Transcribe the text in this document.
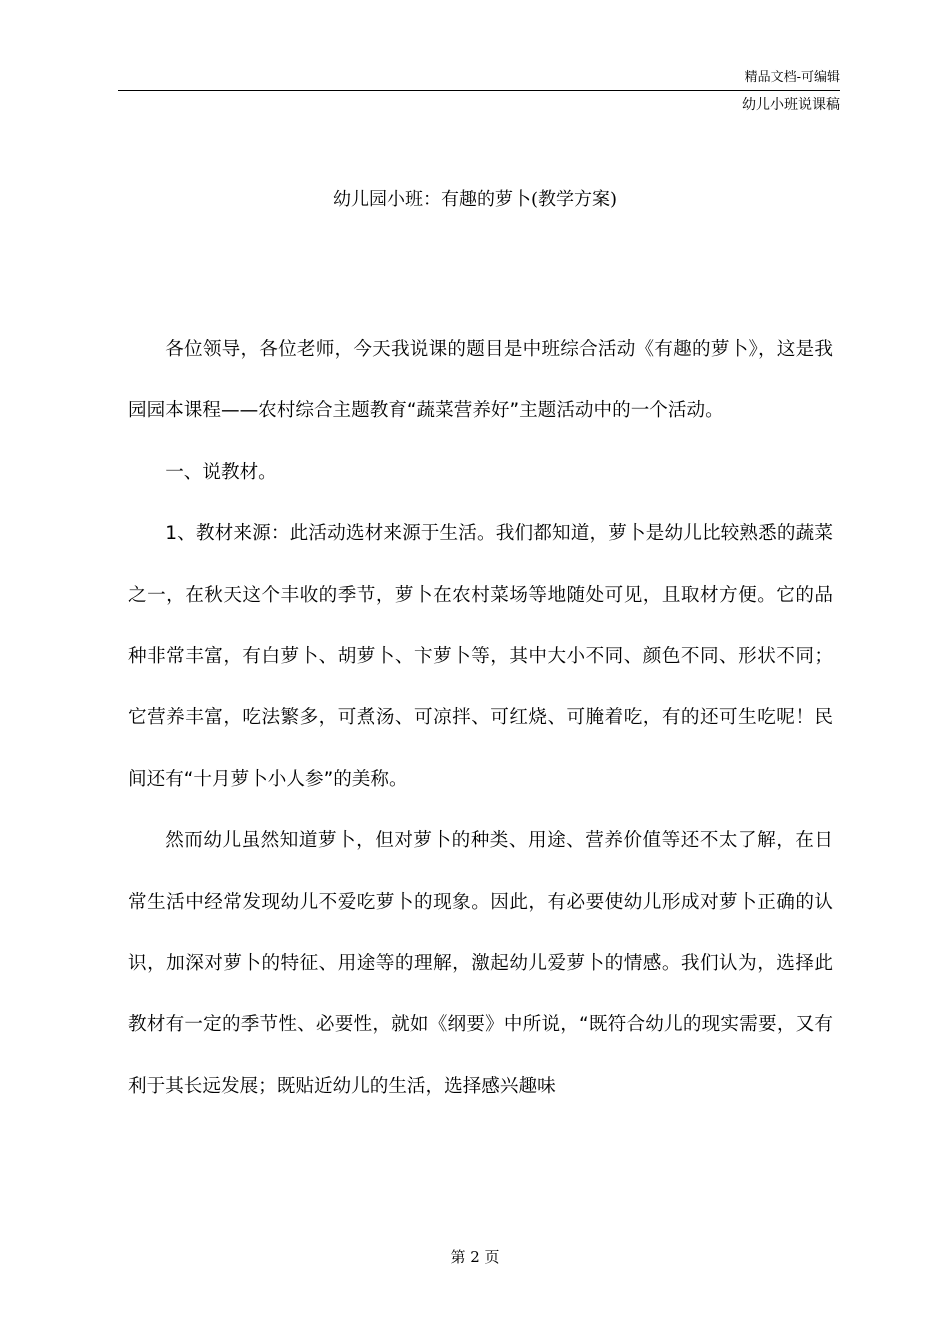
精品文档-可编辑
幼儿小班说课稿
幼儿园小班：有趣的萝卜(教学方案)

各位领导，各位老师，今天我说课的题目是中班综合活动《有趣的萝卜》，这是我园园本课程——农村综合主题教育“蔬菜营养好”主题活动中的一个活动。

一、说教材。

1、教材来源：此活动选材来源于生活。我们都知道，萝卜是幼儿比较熟悉的蔬菜之一，在秋天这个丰收的季节，萝卜在农村菜场等地随处可见，且取材方便。它的品种非常丰富，有白萝卜、胡萝卜、卞萝卜等，其中大小不同、颜色不同、形状不同；它营养丰富，吃法繁多，可煮汤、可凉拌、可红烧、可腌着吃，有的还可生吃呢！民间还有“十月萝卜小人参”的美称。

然而幼儿虽然知道萝卜，但对萝卜的种类、用途、营养价值等还不太了解，在日常生活中经常发现幼儿不爱吃萝卜的现象。因此，有必要使幼儿形成对萝卜正确的认识，加深对萝卜的特征、用途等的理解，激起幼儿爱萝卜的情感。我们认为，选择此教材有一定的季节性、必要性，就如《纲要》中所说，“既符合幼儿的现实需要，又有利于其长远发展；既贴近幼儿的生活，选择感兴趣味

第 2 页
